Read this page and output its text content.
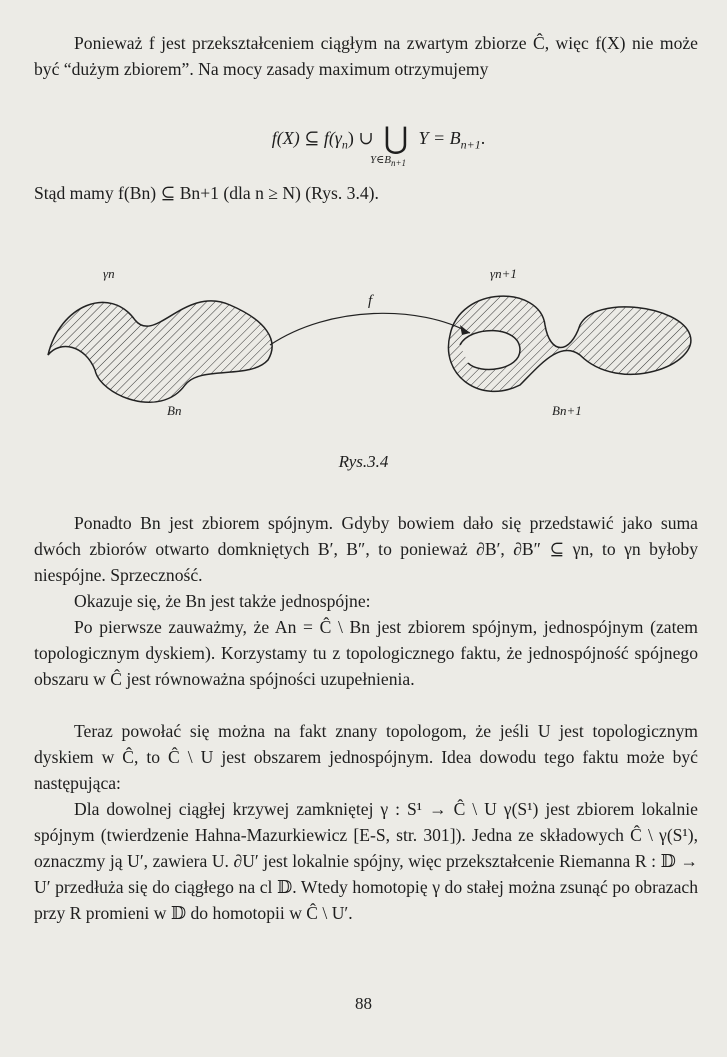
Ponieważ f jest przekształceniem ciągłym na zwartym zbiorze Ĉ, więc f(X) nie może być “dużym zbiorem”. Na mocy zasady maximum otrzymujemy

f(X) ⊆ $f(\gamma_n)$ ∪ ⋃
$Y\in B_{n+1}$
$Y = B_{n+1}$.

Stąd mamy f(Bn) ⊆ Bn+1 (dla n ≥ N) (Rys. 3.4).

γn	γn+1
f
Bn	Bn+1
Rys.3.4

Ponadto Bn jest zbiorem spójnym. Gdyby bowiem dało się przedstawić jako suma dwóch zbiorów otwarto domkniętych B′, B″, to ponieważ ∂B′, ∂B″ ⊆ γn, to γn byłoby niespójne. Sprzeczność.

Okazuje się, że Bn jest także jednospójne:

Po pierwsze zauważmy, że An = Ĉ \ Bn jest zbiorem spójnym, jednospójnym (zatem topologicznym dyskiem). Korzystamy tu z topologicznego faktu, że jednospójność spójnego obszaru w Ĉ jest równoważna spójności uzupełnienia.

Teraz powołać się można na fakt znany topologom, że jeśli U jest topologicznym dyskiem w Ĉ, to Ĉ \ U jest obszarem jednospójnym. Idea dowodu tego faktu może być następująca:

Dla dowolnej ciągłej krzywej zamkniętej γ : S¹ → Ĉ \ U γ(S¹) jest zbiorem lokalnie spójnym (twierdzenie Hahna-Mazurkiewicz [E-S, str. 301]). Jedna ze składowych Ĉ \ γ(S¹), oznaczmy ją U′, zawiera U. ∂U′ jest lokalnie spójny, więc przekształcenie Riemanna R : 𝔻 → U′ przedłuża się do ciągłego na cl 𝔻. Wtedy homotopię γ do stałej można zsunąć po obrazach przy R promieni w 𝔻 do homotopii w Ĉ \ U′.

88
